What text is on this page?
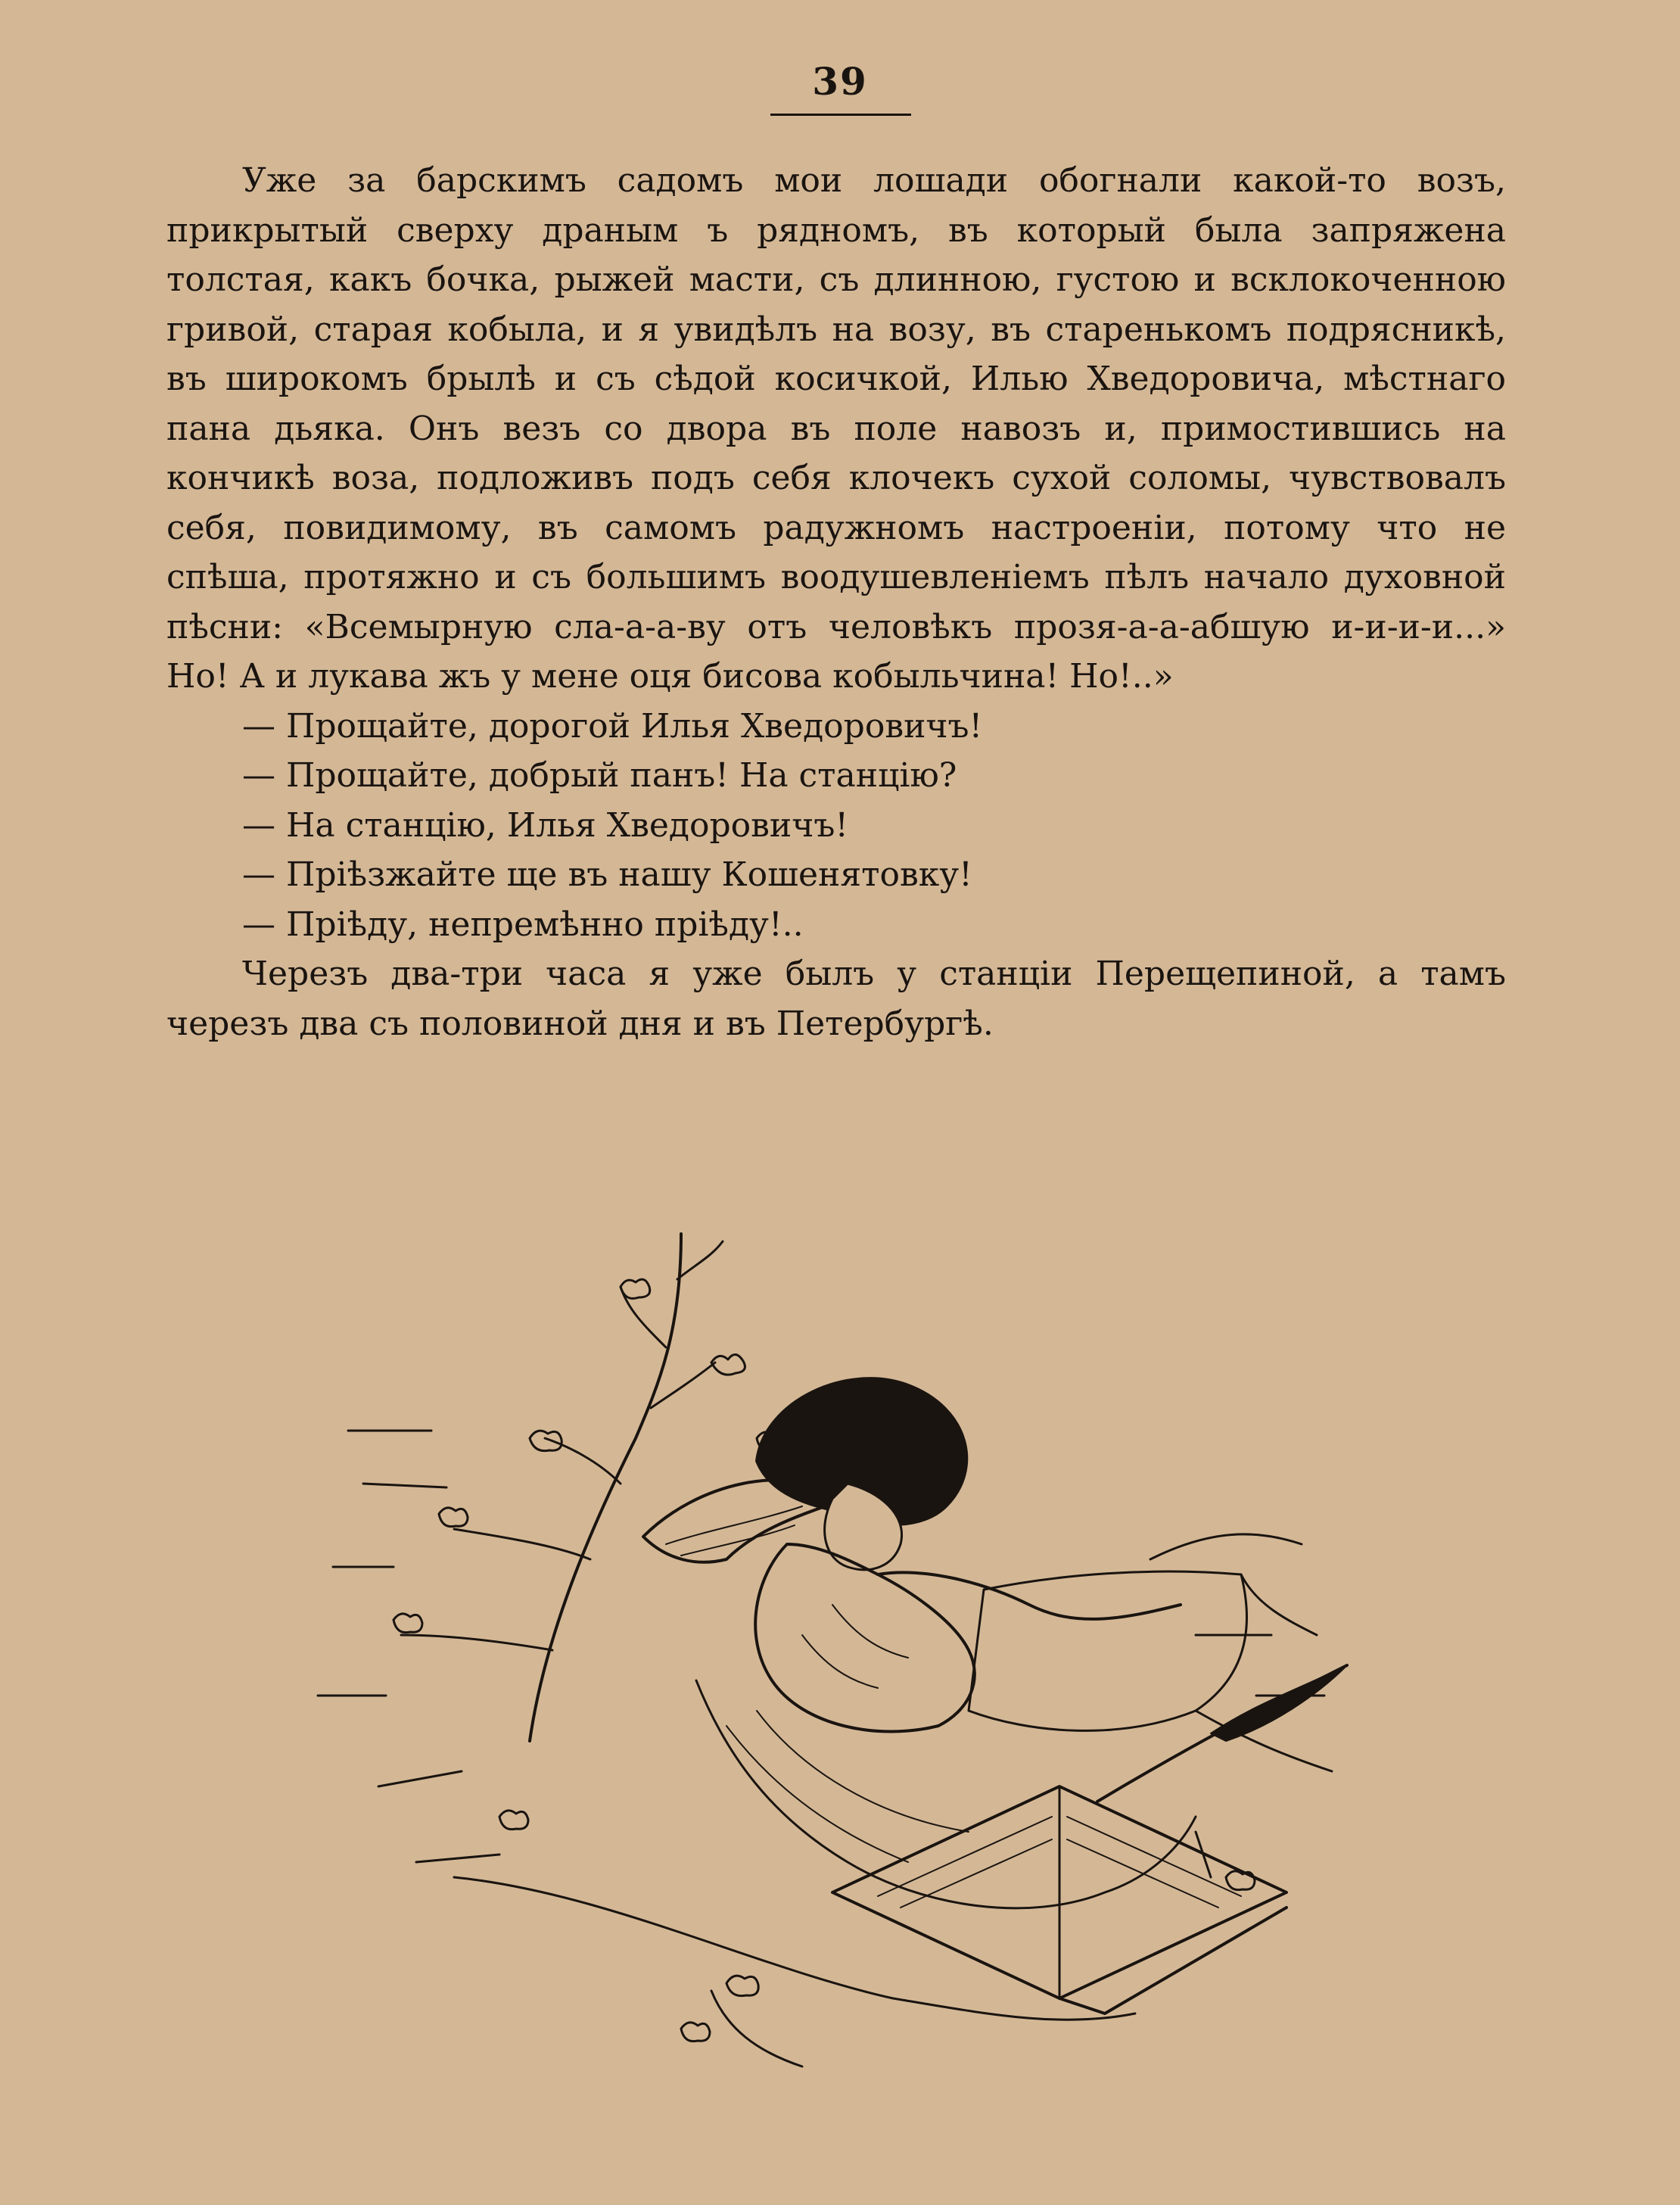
39

Уже за барскимъ садомъ мои лошади обогнали какой-то возъ, прикрытый сверху драным ъ рядномъ, въ который была запряжена толстая, какъ бочка, рыжей масти, съ длинною, густою и всклокоченною гривой, старая кобыла, и я увидѣлъ на возу, въ старенькомъ подрясникѣ, въ широкомъ брылѣ и съ сѣдой косичкой, Илью Хведоровича, мѣстнаго пана дьяка. Онъ везъ со двора въ поле навозъ и, примостившись на кончикѣ воза, подложивъ подъ себя клочекъ сухой соломы, чувствовалъ себя, повидимому, въ самомъ радужномъ настроеніи, потому что не спѣша, протяжно и съ большимъ воодушевленіемъ пѣлъ начало духовной пѣсни: «Всемырную сла-а-а-ву отъ человѣкъ прозя-а-а-абшую и-и-и-и...» Но! А и лукава жъ у мене оця бисова кобыльчина! Но!..»

— Прощайте, дорогой Илья Хведоровичъ!

— Прощайте, добрый панъ! На станцію?

— На станцію, Илья Хведоровичъ!

— Пріѣзжайте ще въ нашу Кошенятовку!

— Пріѣду, непремѣнно пріѣду!..

Черезъ два-три часа я уже былъ у станціи Перещепиной, а тамъ черезъ два съ половиной дня и въ Петербургѣ.
